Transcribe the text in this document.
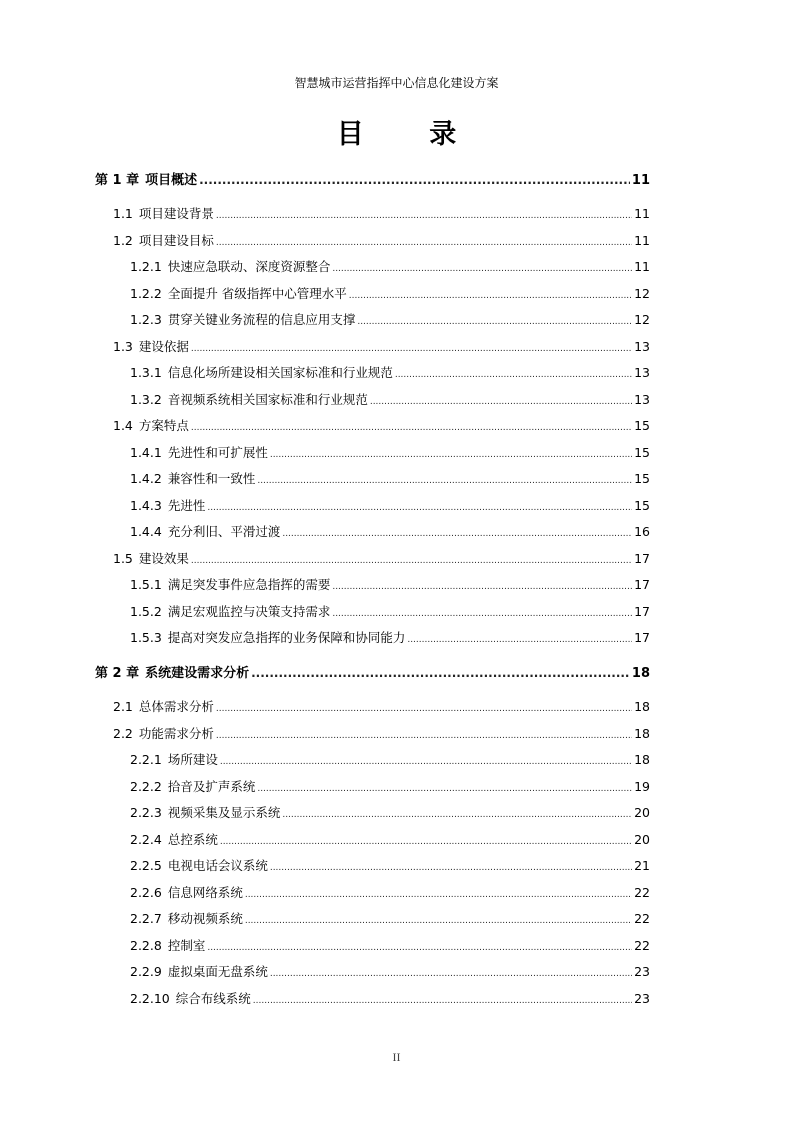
智慧城市运营指挥中心信息化建设方案
目 录
第 1 章 项目概述 .....	11
1.1 项目建设背景 .....	11
1.2 项目建设目标 .....	11
1.2.1 快速应急联动、深度资源整合 .....	11
1.2.2 全面提升 省级指挥中心管理水平 .....	12
1.2.3 贯穿关键业务流程的信息应用支撑 .....	12
1.3 建设依据 .....	13
1.3.1 信息化场所建设相关国家标准和行业规范 .....	13
1.3.2 音视频系统相关国家标准和行业规范 .....	13
1.4 方案特点 .....	15
1.4.1 先进性和可扩展性 .....	15
1.4.2 兼容性和一致性 .....	15
1.4.3 先进性 .....	15
1.4.4 充分利旧、平滑过渡 .....	16
1.5 建设效果 .....	17
1.5.1 满足突发事件应急指挥的需要 .....	17
1.5.2 满足宏观监控与决策支持需求 .....	17
1.5.3 提高对突发应急指挥的业务保障和协同能力 .....	17
第 2 章 系统建设需求分析 .....	18
2.1 总体需求分析 .....	18
2.2 功能需求分析 .....	18
2.2.1 场所建设 .....	18
2.2.2 拾音及扩声系统 .....	19
2.2.3 视频采集及显示系统 .....	20
2.2.4 总控系统 .....	20
2.2.5 电视电话会议系统 .....	21
2.2.6 信息网络系统 .....	22
2.2.7 移动视频系统 .....	22
2.2.8 控制室 .....	22
2.2.9 虚拟桌面无盘系统 .....	23
2.2.10 综合布线系统 .....	23
II
